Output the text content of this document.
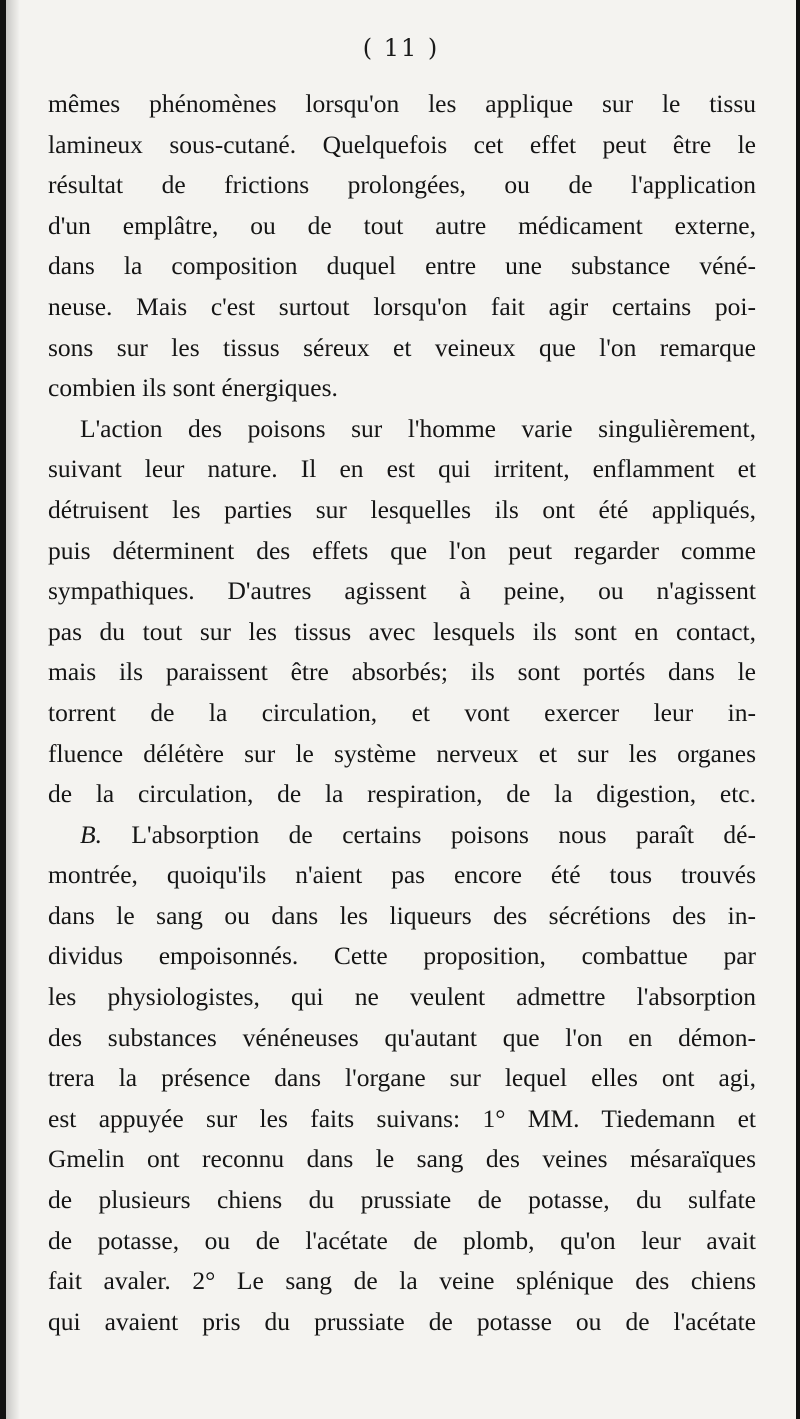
( 11 )
mêmes phénomènes lorsqu'on les applique sur le tissu
lamineux sous-cutané. Quelquefois cet effet peut être le
résultat de frictions prolongées, ou de l'application
d'un emplâtre, ou de tout autre médicament externe,
dans la composition duquel entre une substance véné-
neuse. Mais c'est surtout lorsqu'on fait agir certains poi-
sons sur les tissus séreux et veineux que l'on remarque
combien ils sont énergiques.
L'action des poisons sur l'homme varie singulièrement,
suivant leur nature. Il en est qui irritent, enflamment et
détruisent les parties sur lesquelles ils ont été appliqués,
puis déterminent des effets que l'on peut regarder comme
sympathiques. D'autres agissent à peine, ou n'agissent
pas du tout sur les tissus avec lesquels ils sont en contact,
mais ils paraissent être absorbés; ils sont portés dans le
torrent de la circulation, et vont exercer leur in-
fluence délétère sur le système nerveux et sur les organes
de la circulation, de la respiration, de la digestion, etc.
B. L'absorption de certains poisons nous paraît dé-
montrée, quoiqu'ils n'aient pas encore été tous trouvés
dans le sang ou dans les liqueurs des sécrétions des in-
dividus empoisonnés. Cette proposition, combattue par
les physiologistes, qui ne veulent admettre l'absorption
des substances vénéneuses qu'autant que l'on en démon-
trera la présence dans l'organe sur lequel elles ont agi,
est appuyée sur les faits suivans: 1° MM. Tiedemann et
Gmelin ont reconnu dans le sang des veines mésaraïques
de plusieurs chiens du prussiate de potasse, du sulfate
de potasse, ou de l'acétate de plomb, qu'on leur avait
fait avaler. 2° Le sang de la veine splénique des chiens
qui avaient pris du prussiate de potasse ou de l'acétate
